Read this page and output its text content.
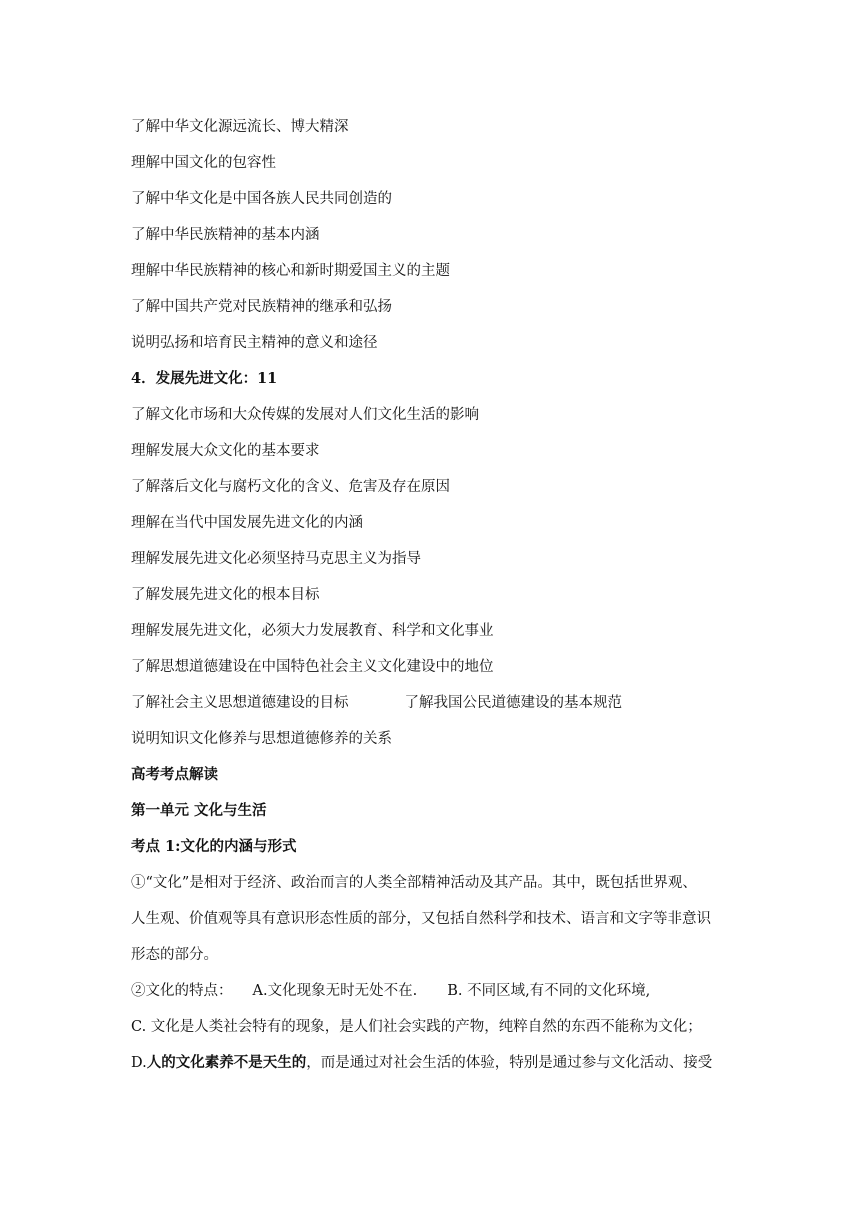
了解中华文化源远流长、博大精深
理解中国文化的包容性
了解中华文化是中国各族人民共同创造的
了解中华民族精神的基本内涵
理解中华民族精神的核心和新时期爱国主义的主题
了解中国共产党对民族精神的继承和弘扬
说明弘扬和培育民主精神的意义和途径
4．发展先进文化：11
了解文化市场和大众传媒的发展对人们文化生活的影响
理解发展大众文化的基本要求
了解落后文化与腐朽文化的含义、危害及存在原因
理解在当代中国发展先进文化的内涵
理解发展先进文化必须坚持马克思主义为指导
了解发展先进文化的根本目标
理解发展先进文化，必须大力发展教育、科学和文化事业
了解思想道德建设在中国特色社会主义文化建设中的地位
了解社会主义思想道德建设的目标	了解我国公民道德建设的基本规范
说明知识文化修养与思想道德修养的关系
高考考点解读
第一单元 文化与生活
考点 1:文化的内涵与形式
①“文化”是相对于经济、政治而言的人类全部精神活动及其产品。其中，既包括世界观、
人生观、价值观等具有意识形态性质的部分，又包括自然科学和技术、语言和文字等非意识
形态的部分。
②文化的特点： A.文化现象无时无处不在. B. 不同区域,有不同的文化环境,
C. 文化是人类社会特有的现象，是人们社会实践的产物，纯粹自然的东西不能称为文化；
D.人的文化素养不是天生的，而是通过对社会生活的体验，特别是通过参与文化活动、接受
